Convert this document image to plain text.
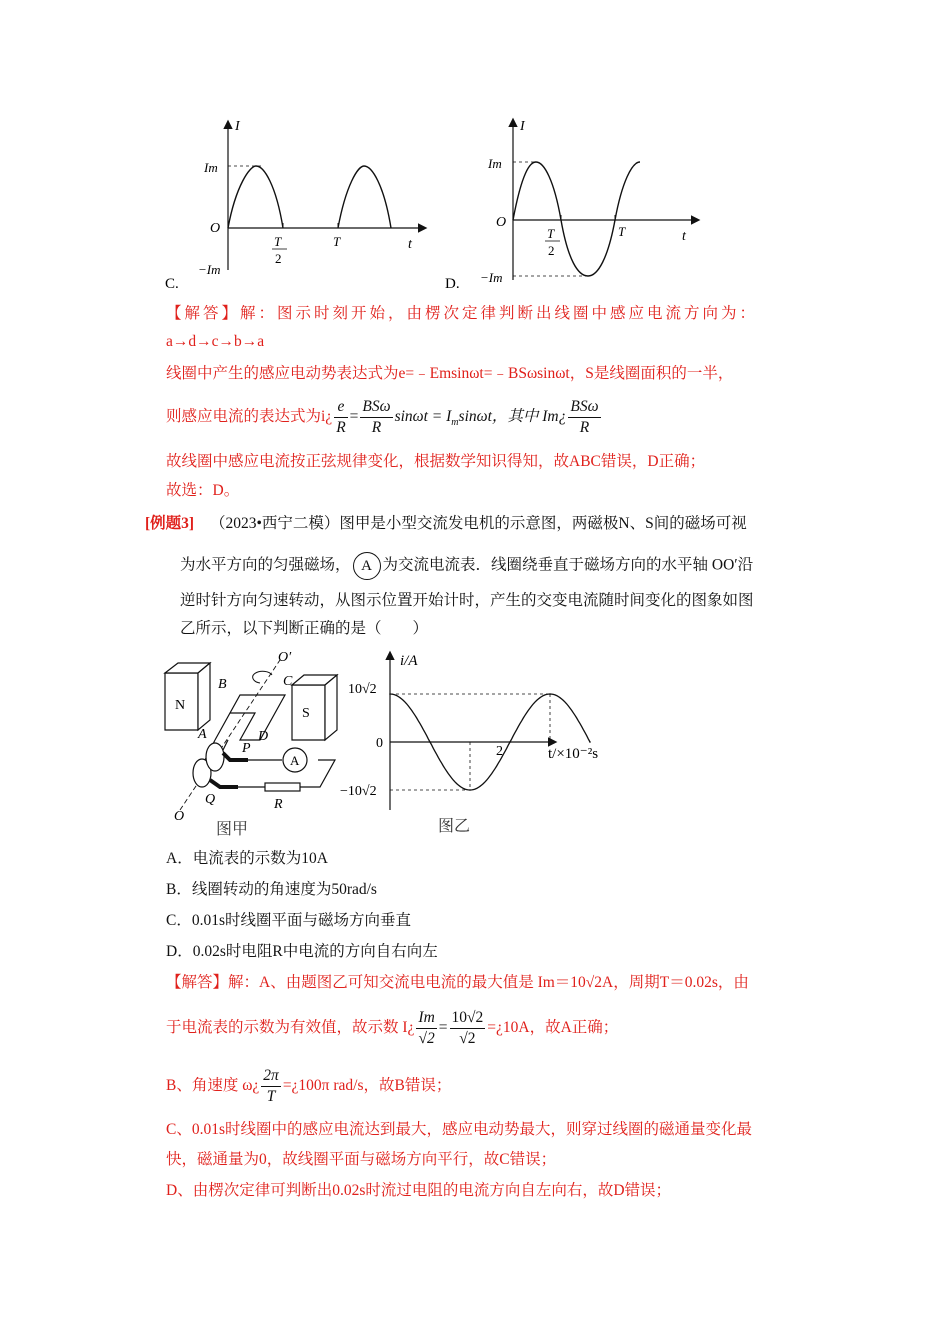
I
t
O
Im
−Im
T
2
T
C.
I
t
O
Im
−Im
T
2
T
D.
【解答】解：图示时刻开始，由楞次定律判断出线圈中感应电流方向为：
a→d→c→b→a
线圈中产生的感应电动势表达式为e=﹣Emsinωt=﹣BSωsinωt，S是线圈面积的一半，
则感应电流的表达式为i¿ $\frac{e}{R} = \frac{\text{BSω}}{R}$ $\sin\omega t = I_m\sin\omega t$，其中 Im¿ $\frac{\text{BSω}}{R}$
故线圈中感应电流按正弦规律变化，根据数学知识得知，故ABC错误，D正确；
故选：D。
[例题3] （2023•西宁二模）图甲是小型交流发电机的示意图，两磁极N、S间的磁场可视
为水平方向的匀强磁场， A 为交流电流表．线圈绕垂直于磁场方向的水平轴 OO′沿
逆时针方向匀速转动，从图示位置开始计时，产生的交变电流随时间变化的图象如图
乙所示，以下判断正确的是（　　）
N
S
A
B	C
A	D
P
Q	R
O
O′
图甲
i/A
t/×10⁻²s
10√2
0
−10√2
2
图乙
A．电流表的示数为10A
B．线圈转动的角速度为50rad/s
C．0.01s时线圈平面与磁场方向垂直
D．0.02s时电阻R中电流的方向自右向左
【解答】解：A、由题图乙可知交流电电流的最大值是 Im＝10√2A，周期T＝0.02s，由
于电流表的示数为有效值，故示数 I¿ $\frac{Im}{√2} = \frac{10√2}{√2}$ =¿10A，故A正确；
B、角速度 ω¿ $\frac{2\pi}{T}$ =¿100π rad/s，故B错误；
C、0.01s时线圈中的感应电流达到最大，感应电动势最大，则穿过线圈的磁通量变化最
快，磁通量为0，故线圈平面与磁场方向平行，故C错误；
D、由楞次定律可判断出0.02s时流过电阻的电流方向自左向右，故D错误；
